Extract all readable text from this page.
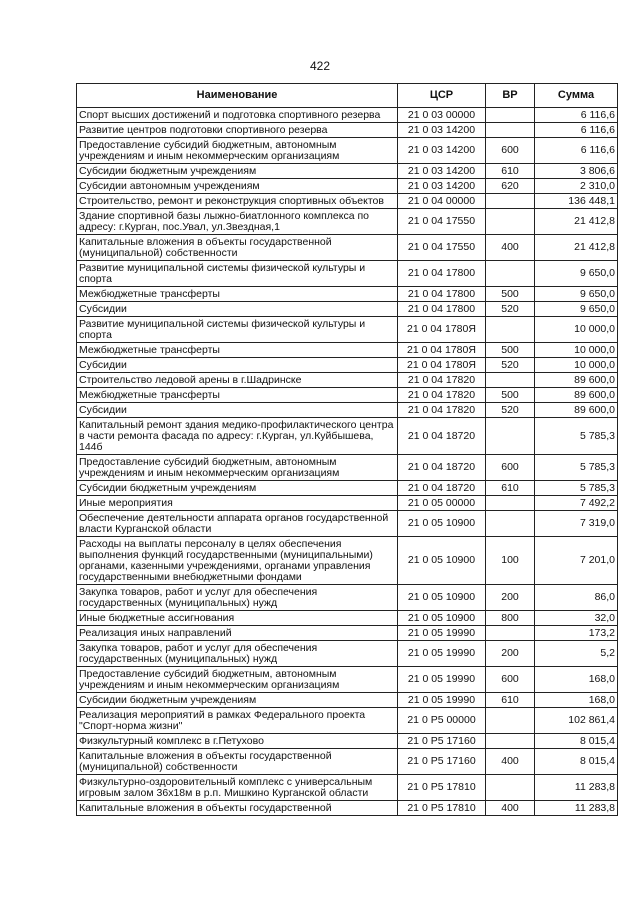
422
Наименование	ЦСР	ВР	Сумма
Спорт высших достижений и подготовка спортивного резерва	21 0 03 00000		6 116,6
Развитие центров подготовки спортивного резерва	21 0 03 14200		6 116,6
Предоставление субсидий бюджетным, автономным учреждениям и иным некоммерческим организациям	21 0 03 14200	600	6 116,6
Субсидии бюджетным учреждениям	21 0 03 14200	610	3 806,6
Субсидии автономным учреждениям	21 0 03 14200	620	2 310,0
Строительство, ремонт и реконструкция спортивных объектов	21 0 04 00000		136 448,1
Здание спортивной базы лыжно-биатлонного комплекса по адресу: г.Курган, пос.Увал, ул.Звездная,1	21 0 04 17550		21 412,8
Капитальные вложения в объекты государственной (муниципальной) собственности	21 0 04 17550	400	21 412,8
Развитие муниципальной системы физической культуры и спорта	21 0 04 17800		9 650,0
Межбюджетные трансферты	21 0 04 17800	500	9 650,0
Субсидии	21 0 04 17800	520	9 650,0
Развитие муниципальной системы физической культуры и спорта	21 0 04 1780Я		10 000,0
Межбюджетные трансферты	21 0 04 1780Я	500	10 000,0
Субсидии	21 0 04 1780Я	520	10 000,0
Строительство ледовой арены в г.Шадринске	21 0 04 17820		89 600,0
Межбюджетные трансферты	21 0 04 17820	500	89 600,0
Субсидии	21 0 04 17820	520	89 600,0
Капитальный ремонт здания медико-профилактического центра в части ремонта фасада по адресу: г.Курган, ул.Куйбышева, 144б	21 0 04 18720		5 785,3
Предоставление субсидий бюджетным, автономным учреждениям и иным некоммерческим организациям	21 0 04 18720	600	5 785,3
Субсидии бюджетным учреждениям	21 0 04 18720	610	5 785,3
Иные мероприятия	21 0 05 00000		7 492,2
Обеспечение деятельности аппарата органов государственной власти Курганской области	21 0 05 10900		7 319,0
Расходы на выплаты персоналу в целях обеспечения выполнения функций государственными (муниципальными) органами, казенными учреждениями, органами управления государственными внебюджетными фондами	21 0 05 10900	100	7 201,0
Закупка товаров, работ и услуг для обеспечения государственных (муниципальных) нужд	21 0 05 10900	200	86,0
Иные бюджетные ассигнования	21 0 05 10900	800	32,0
Реализация иных направлений	21 0 05 19990		173,2
Закупка товаров, работ и услуг для обеспечения государственных (муниципальных) нужд	21 0 05 19990	200	5,2
Предоставление субсидий бюджетным, автономным учреждениям и иным некоммерческим организациям	21 0 05 19990	600	168,0
Субсидии бюджетным учреждениям	21 0 05 19990	610	168,0
Реализация мероприятий в рамках Федерального проекта "Спорт-норма жизни"	21 0 P5 00000		102 861,4
Физкультурный комплекс в г.Петухово	21 0 P5 17160		8 015,4
Капитальные вложения в объекты государственной (муниципальной) собственности	21 0 P5 17160	400	8 015,4
Физкультурно-оздоровительный комплекс с универсальным игровым залом 36х18м в р.п. Мишкино Курганской области	21 0 P5 17810		11 283,8
Капитальные вложения в объекты государственной	21 0 P5 17810	400	11 283,8
